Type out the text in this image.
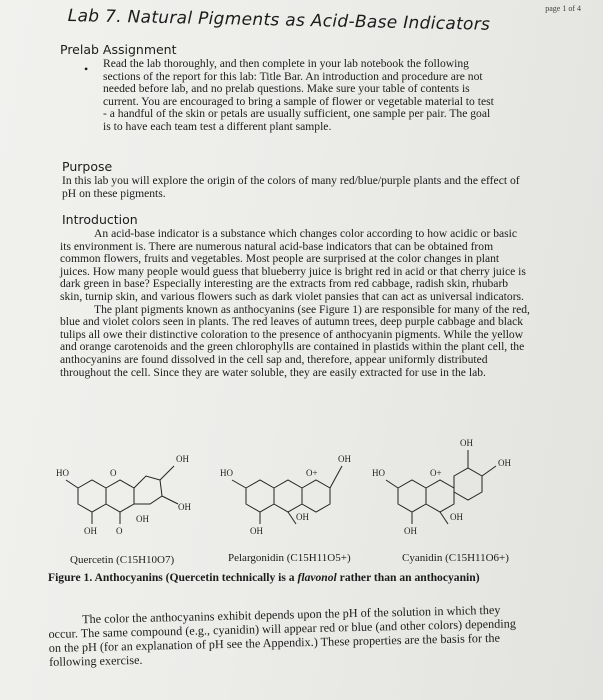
page 1 of 4
Lab 7. Natural Pigments as Acid-Base Indicators
Prelab Assignment
• Read the lab thoroughly, and then complete in your lab notebook the following sections of the report for this lab: Title Bar. An introduction and procedure are not needed before lab, and no prelab questions. Make sure your table of contents is current. You are encouraged to bring a sample of flower or vegetable material to test - a handful of the skin or petals are usually sufficient, one sample per pair. The goal is to have each team test a different plant sample.

Purpose

In this lab you will explore the origin of the colors of many red/blue/purple plants and the effect of pH on these pigments.

Introduction

An acid-base indicator is a substance which changes color according to how acidic or basic its environment is. There are numerous natural acid-base indicators that can be obtained from common flowers, fruits and vegetables. Most people are surprised at the color changes in plant juices. How many people would guess that blueberry juice is bright red in acid or that cherry juice is dark green in base? Especially interesting are the extracts from red cabbage, radish skin, rhubarb skin, turnip skin, and various flowers such as dark violet pansies that can act as universal indicators.

The plant pigments known as anthocyanins (see Figure 1) are responsible for many of the red, blue and violet colors seen in plants. The red leaves of autumn trees, deep purple cabbage and black tulips all owe their distinctive coloration to the presence of anthocyanin pigments. While the yellow and orange carotenoids and the green chlorophylls are contained in plastids within the plant cell, the anthocyanins are found dissolved in the cell sap and, therefore, appear uniformly distributed throughout the cell. Since they are water soluble, they are easily extracted for use in the lab.

HO	O
OH
OH
OH
OH O
HO	O+
OH
OH
OH
HO	O+
OH
OH
OH
OH
Quercetin (C15H10O7)	Pelargonidin (C15H11O5+)	Cyanidin (C15H11O6+)
Figure 1. Anthocyanins (Quercetin technically is a flavonol rather than an anthocyanin)

The color the anthocyanins exhibit depends upon the pH of the solution in which they occur. The same compound (e.g., cyanidin) will appear red or blue (and other colors) depending on the pH (for an explanation of pH see the Appendix.) These properties are the basis for the following exercise.
